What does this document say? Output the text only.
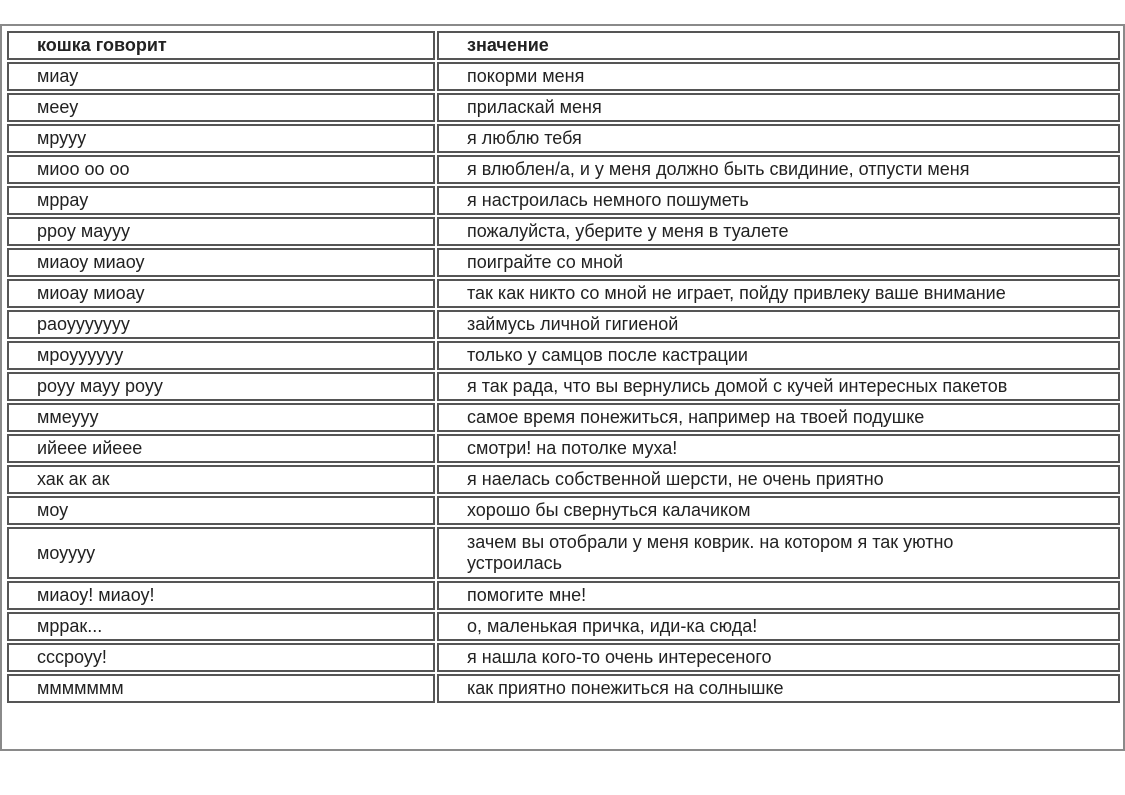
кошка говорит	значение
миау	покорми меня
мееу	приласкай меня
мрууу	я люблю тебя
миоо оо оо	я влюблен/а, и у меня должно быть свидиние, отпусти меня
мррау	я настроилась немного пошуметь
рроу маууу	пожалуйста, уберите у меня в туалете
миаоу миаоу	поиграйте со мной
миоау миоау	так как никто со мной не играет, пойду привлеку ваше внимание
раоууууууу	займусь личной гигиеной
мроуууууу	только у самцов после кастрации
роуу мауу роуу	я так рада, что вы вернулись домой с кучей интересных пакетов
ммеууу	самое время понежиться, например на твоей подушке
ийеее ийеее	смотри! на потолке муха!
хак ак ак	я наелась собственной шерсти, не очень приятно
моу	хорошо бы свернуться калачиком
моуууу	зачем вы отобрали у меня коврик. на котором я так уютно устроилась
миаоу! миаоу!	помогите мне!
мррак...	о, маленькая причка, иди-ка сюда!
сссроуу!	я нашла кого-то очень интересеного
ммммммм	как приятно понежиться на солнышке
